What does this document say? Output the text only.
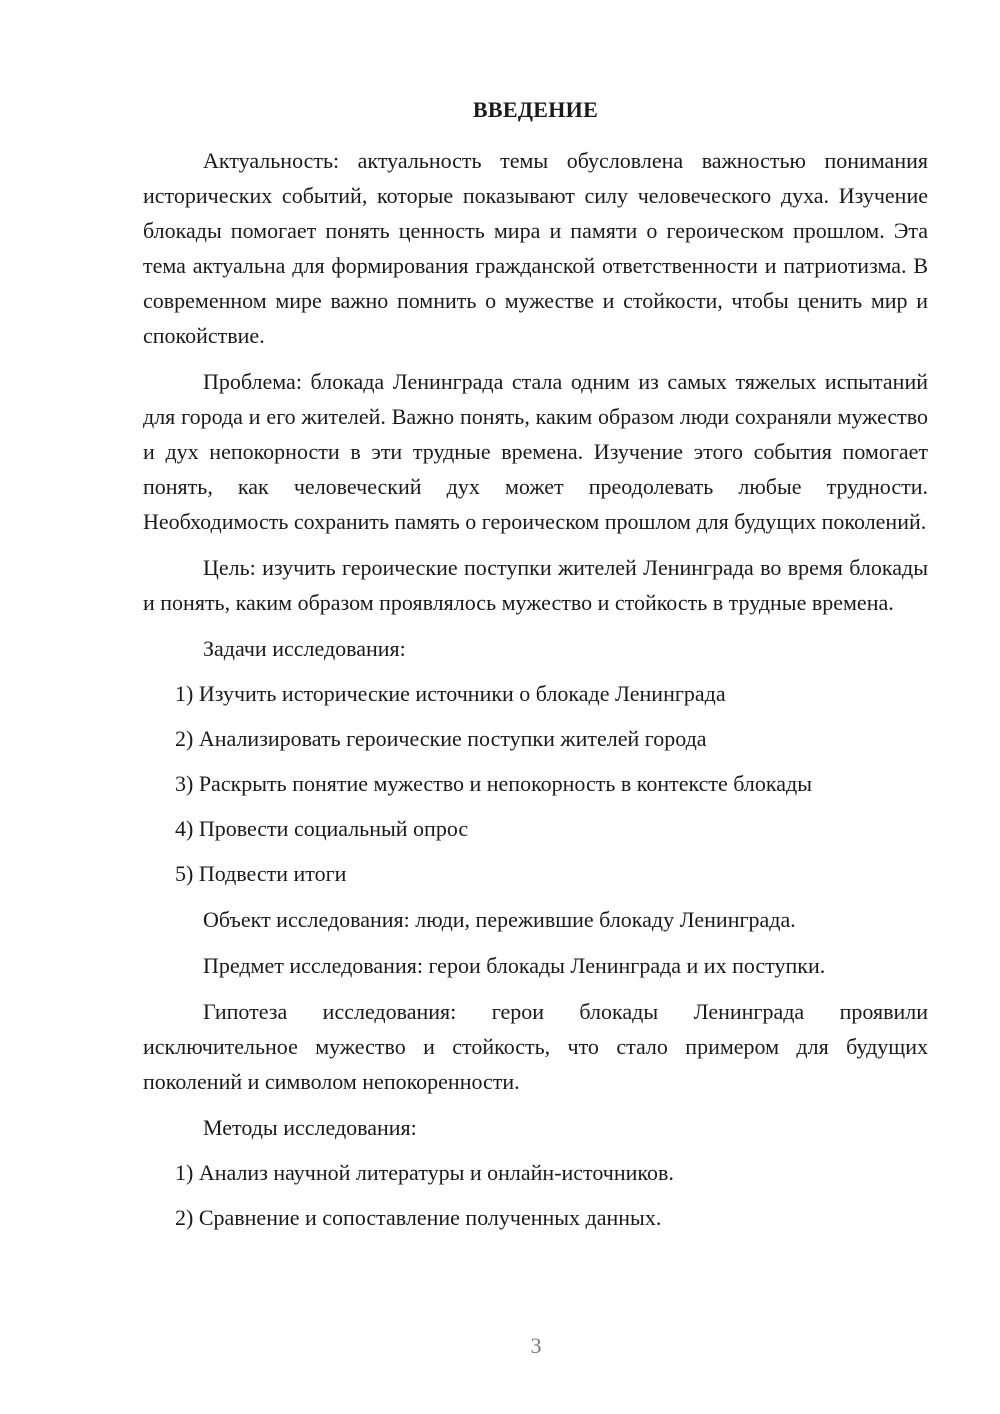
ВВЕДЕНИЕ

Актуальность: актуальность темы обусловлена важностью понимания исторических событий, которые показывают силу человеческого духа. Изучение блокады помогает понять ценность мира и памяти о героическом прошлом. Эта тема актуальна для формирования гражданской ответственности и патриотизма. В современном мире важно помнить о мужестве и стойкости, чтобы ценить мир и спокойствие.

Проблема: блокада Ленинграда стала одним из самых тяжелых испытаний для города и его жителей. Важно понять, каким образом люди сохраняли мужество и дух непокорности в эти трудные времена. Изучение этого события помогает понять, как человеческий дух может преодолевать любые трудности. Необходимость сохранить память о героическом прошлом для будущих поколений.

Цель: изучить героические поступки жителей Ленинграда во время блокады и понять, каким образом проявлялось мужество и стойкость в трудные времена.

Задачи исследования:

1) Изучить исторические источники о блокаде Ленинграда

2) Анализировать героические поступки жителей города

3) Раскрыть понятие мужество и непокорность в контексте блокады

4) Провести социальный опрос

5) Подвести итоги

Объект исследования: люди, пережившие блокаду Ленинграда.

Предмет исследования: герои блокады Ленинграда и их поступки.

Гипотеза исследования: герои блокады Ленинграда проявили исключительное мужество и стойкость, что стало примером для будущих поколений и символом непокоренности.

Методы исследования:

1) Анализ научной литературы и онлайн-источников.

2) Сравнение и сопоставление полученных данных.

3
